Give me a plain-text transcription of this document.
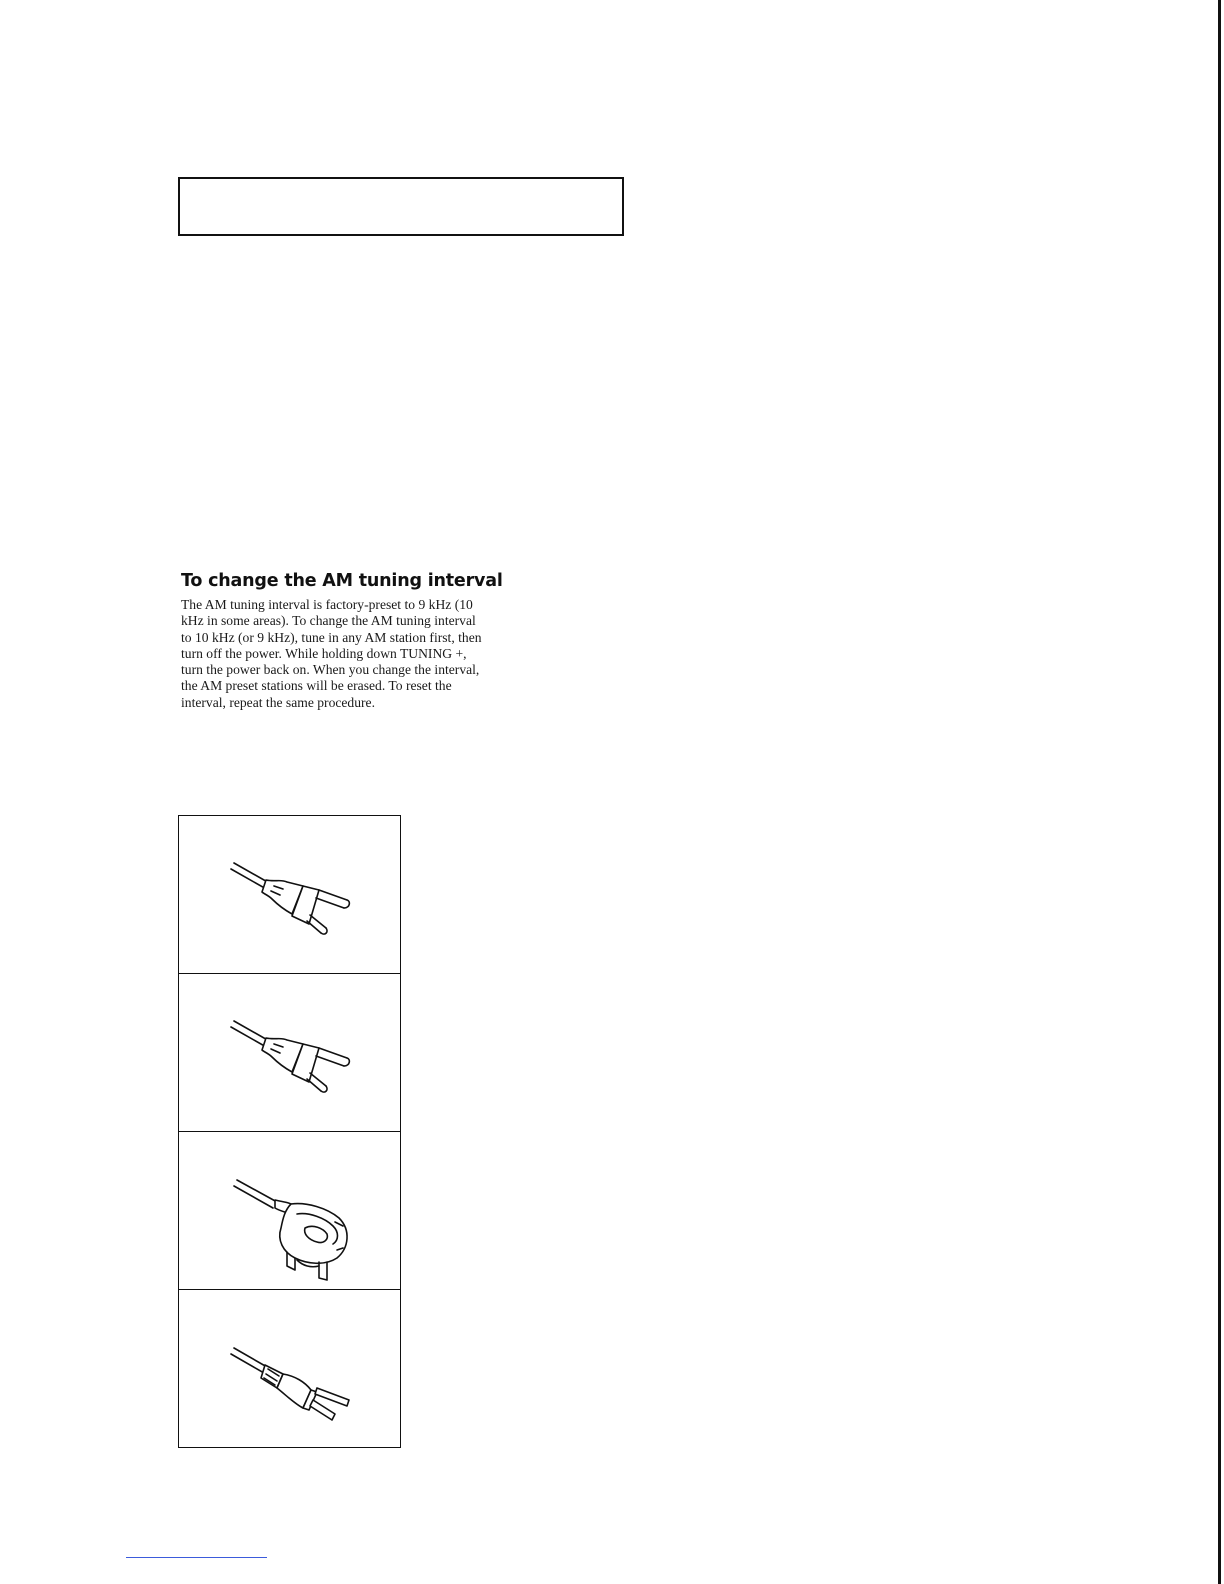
To change the AM tuning interval

The AM tuning interval is factory-preset to 9 kHz (10 kHz in some areas). To change the AM tuning interval to 10 kHz (or 9 kHz), tune in any AM station first, then turn off the power. While holding down TUNING +, turn the power back on. When you change the interval, the AM preset stations will be erased. To reset the interval, repeat the same procedure.
